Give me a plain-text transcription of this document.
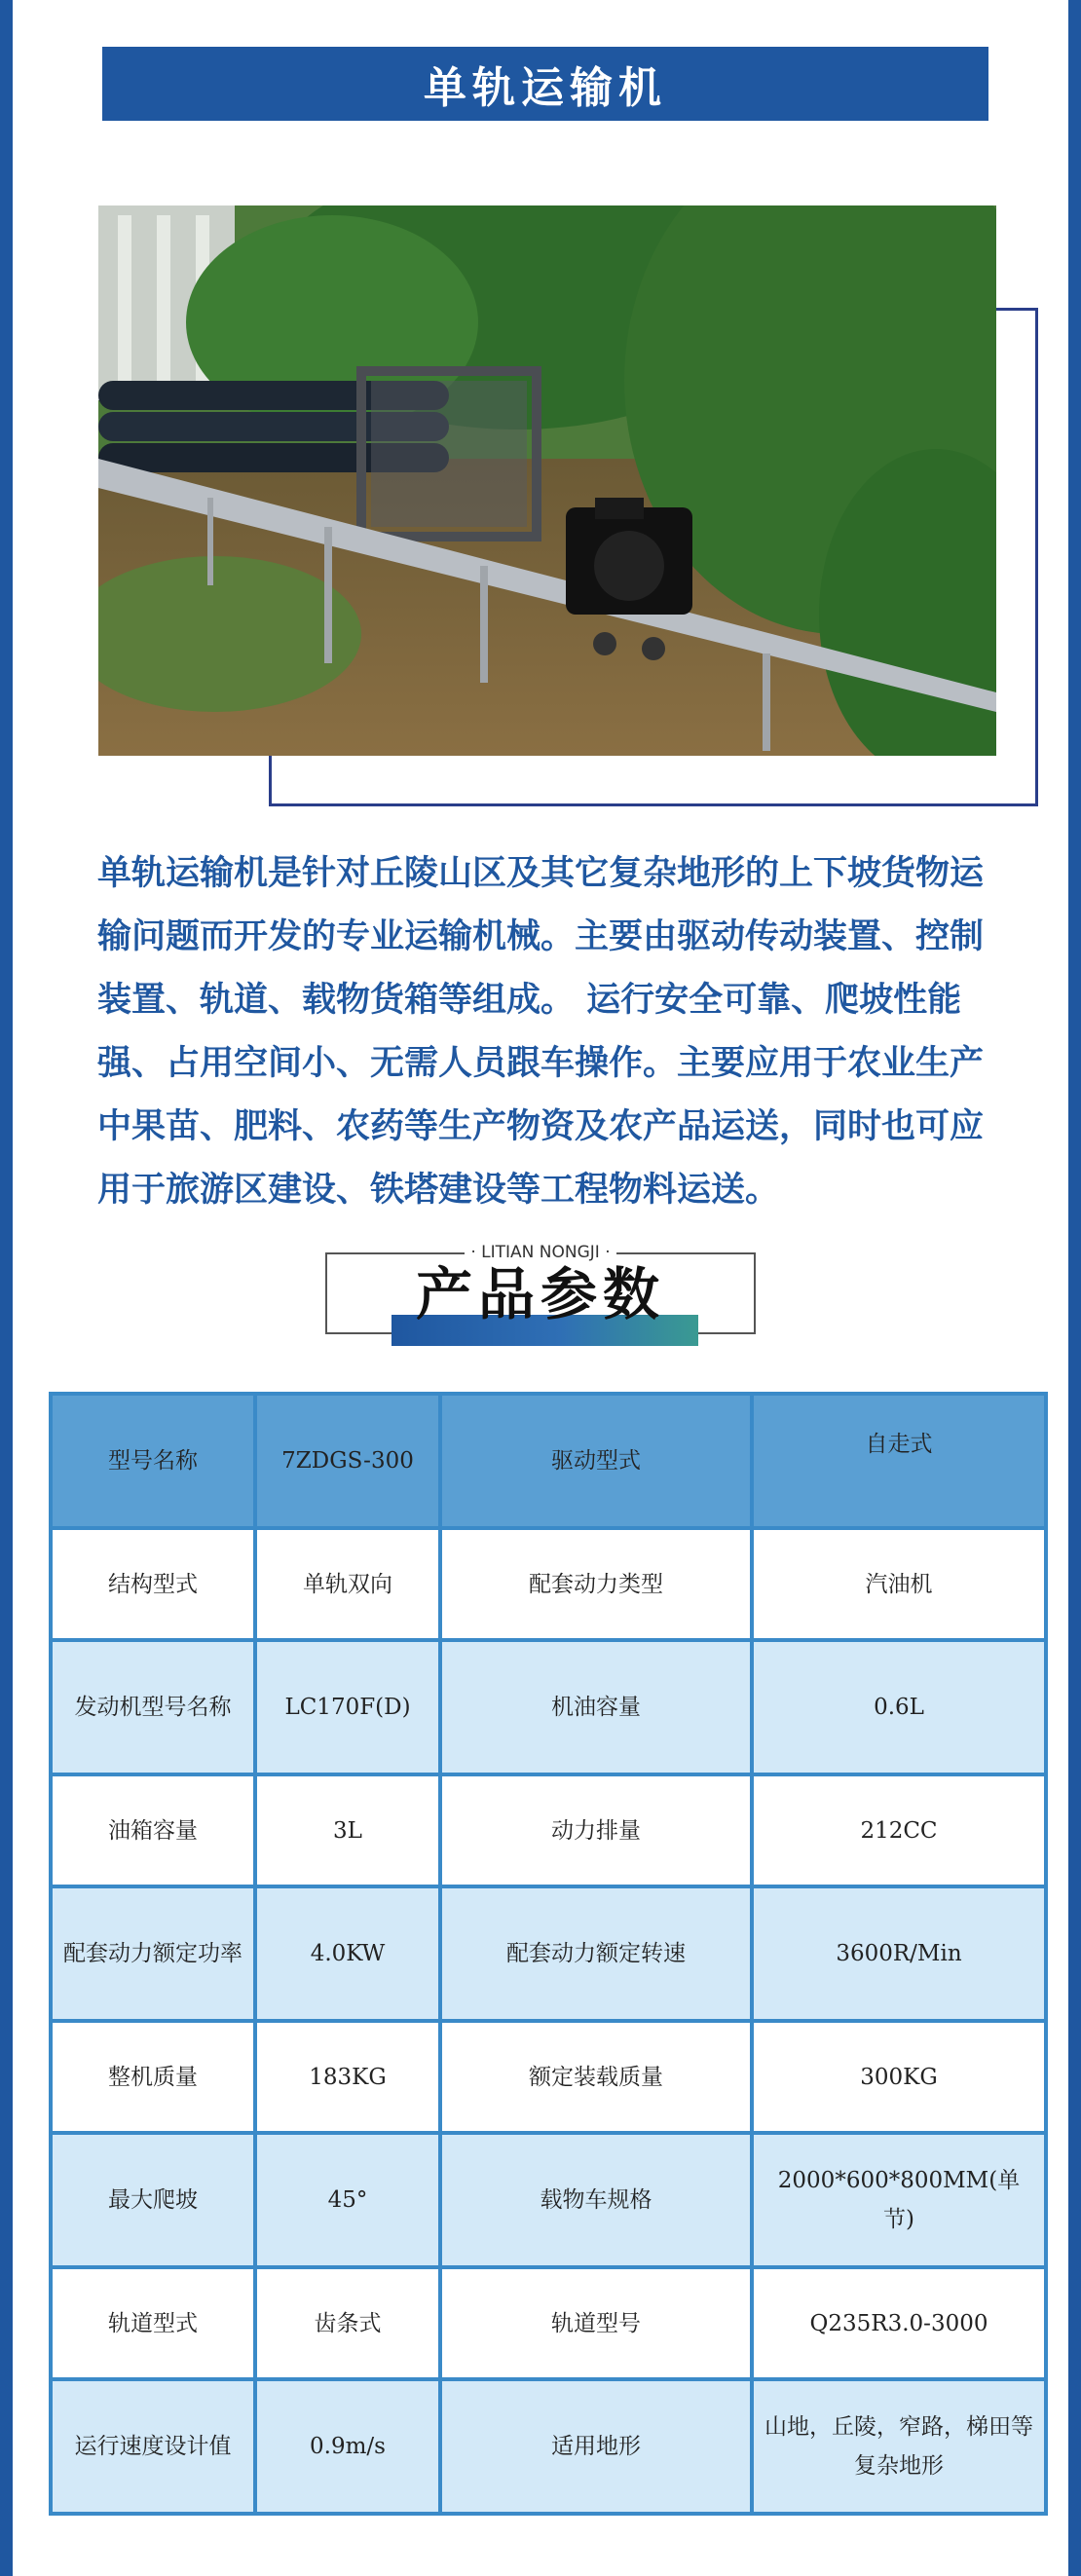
单轨运输机

单轨运输机是针对丘陵山区及其它复杂地形的上下坡货物运输问题而开发的专业运输机械。主要由驱动传动装置、控制装置、轨道、载物货箱等组成。 运行安全可靠、爬坡性能强、占用空间小、无需人员跟车操作。主要应用于农业生产中果苗、肥料、农药等生产物资及农产品运送，同时也可应用于旅游区建设、铁塔建设等工程物料运送。

· LITIAN NONGJI ·
产品参数
型号名称	7ZDGS-300	驱动型式	自走式
结构型式	单轨双向	配套动力类型	汽油机
发动机型号名称	LC170F(D)	机油容量	0.6L
油箱容量	3L	动力排量	212CC
配套动力额定功率	4.0KW	配套动力额定转速	3600R/Min
整机质量	183KG	额定装载质量	300KG
最大爬坡	45°	载物车规格	2000*600*800MM(单节)
轨道型式	齿条式	轨道型号	Q235R3.0-3000
运行速度设计值	0.9m/s	适用地形	山地，丘陵，窄路，梯田等复杂地形
